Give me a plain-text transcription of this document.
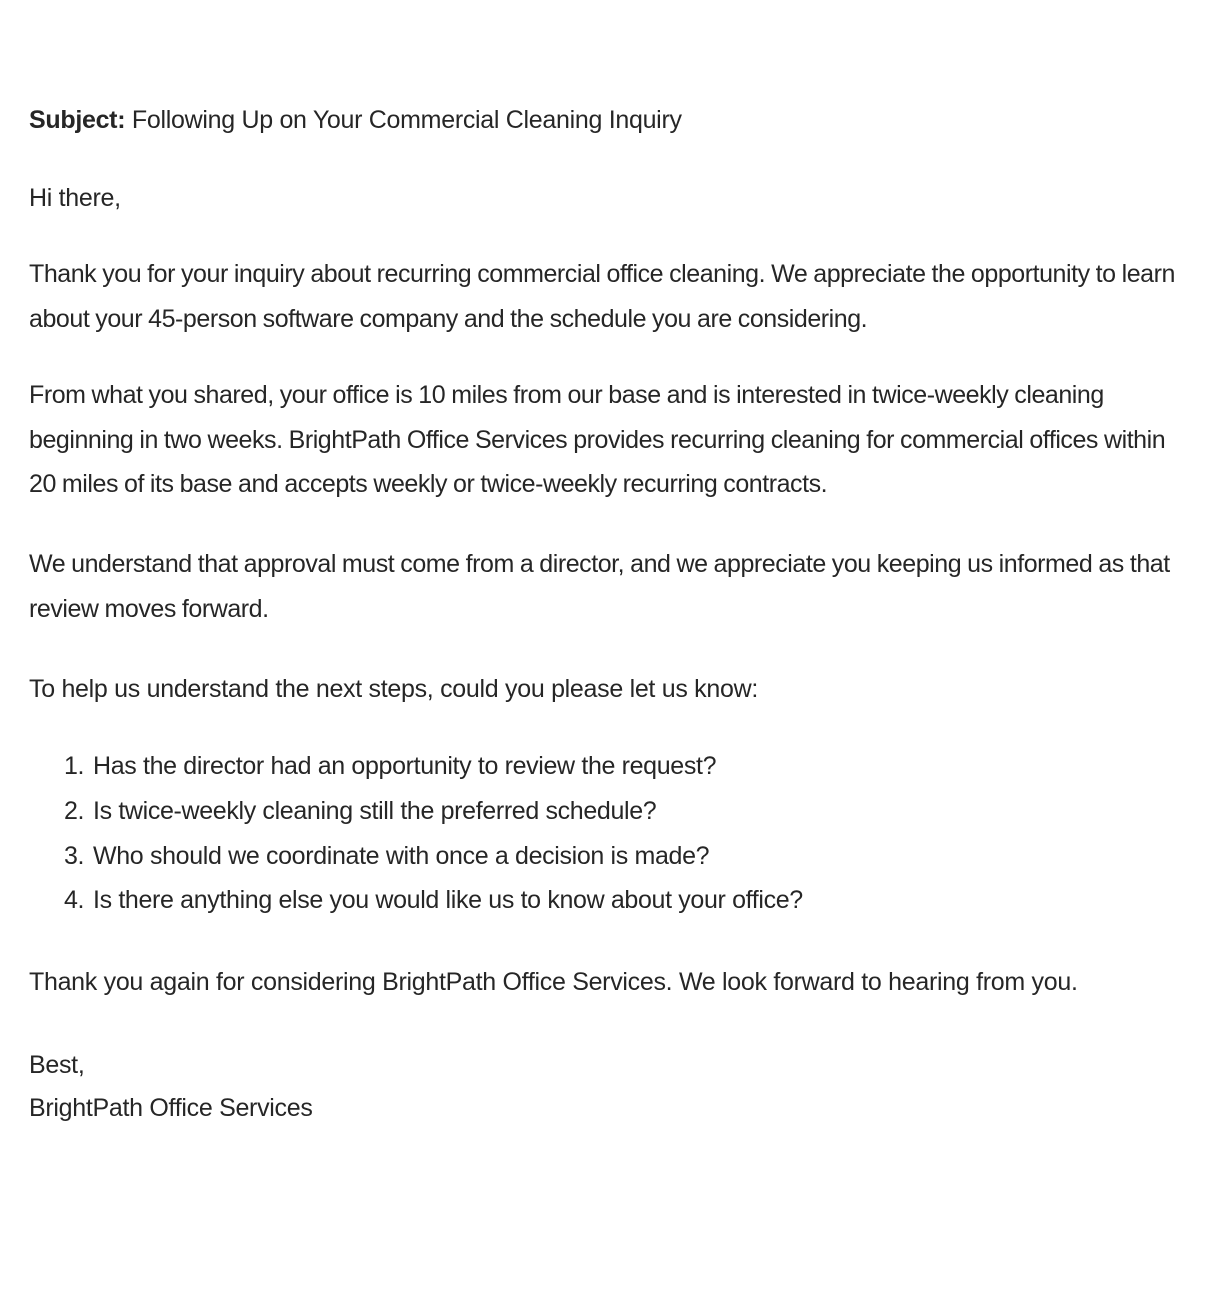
Subject: Following Up on Your Commercial Cleaning Inquiry
Hi there,
Thank you for your inquiry about recurring commercial office cleaning. We appreciate the opportunity to learn about your 45-person software company and the schedule you are considering.
From what you shared, your office is 10 miles from our base and is interested in twice-weekly cleaning beginning in two weeks. BrightPath Office Services provides recurring cleaning for commercial offices within 20 miles of its base and accepts weekly or twice-weekly recurring contracts.
We understand that approval must come from a director, and we appreciate you keeping us informed as that review moves forward.
To help us understand the next steps, could you please let us know:
1. Has the director had an opportunity to review the request?
2. Is twice-weekly cleaning still the preferred schedule?
3. Who should we coordinate with once a decision is made?
4. Is there anything else you would like us to know about your office?
Thank you again for considering BrightPath Office Services. We look forward to hearing from you.
Best,
BrightPath Office Services
